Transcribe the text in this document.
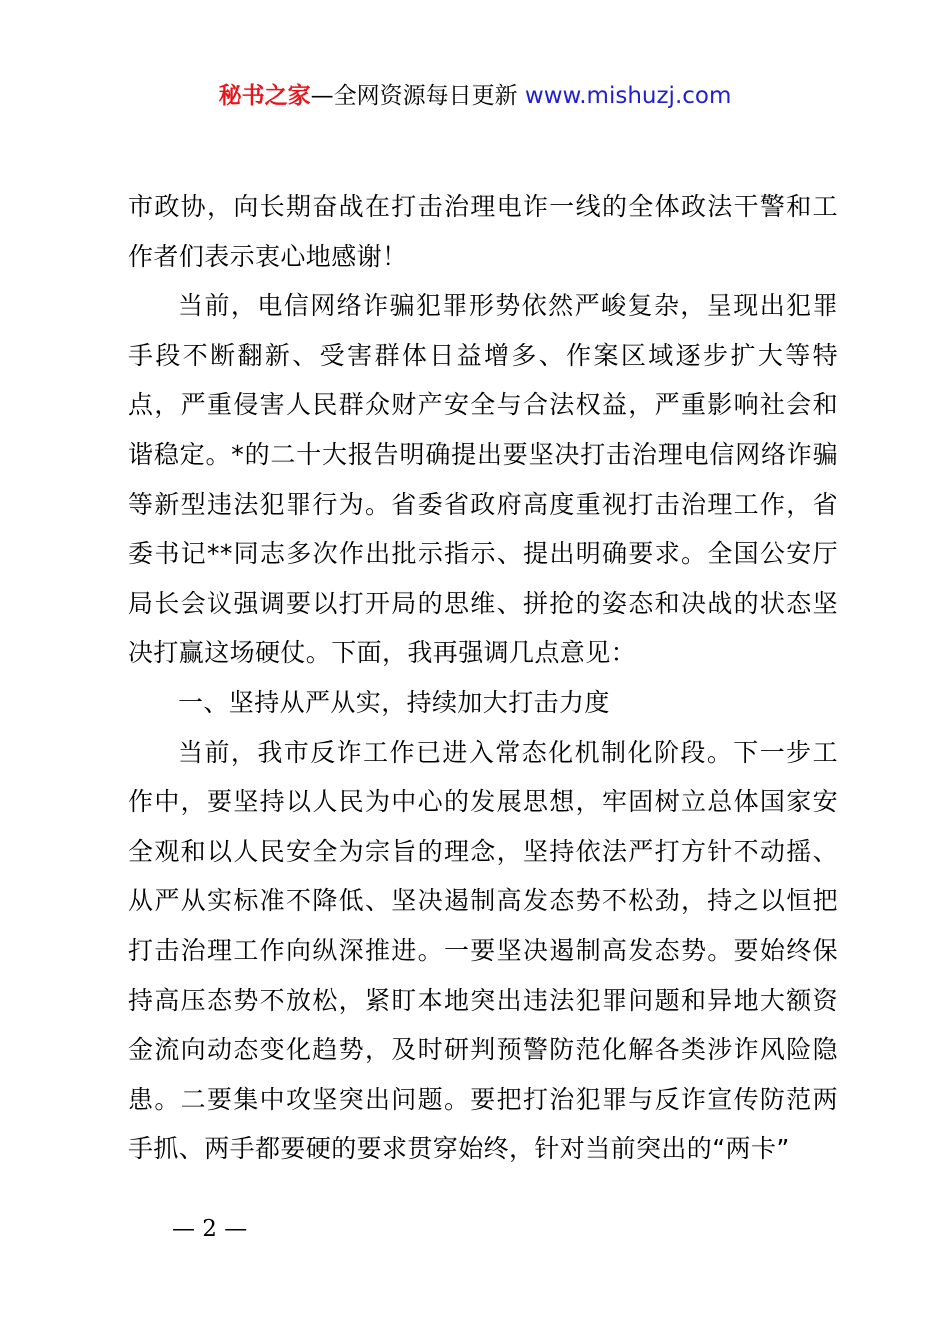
秘书之家—全网资源每日更新 www.mishuzj.com

市政协，向长期奋战在打击治理电诈一线的全体政法干警和工作者们表示衷心地感谢！

当前，电信网络诈骗犯罪形势依然严峻复杂，呈现出犯罪手段不断翻新、受害群体日益增多、作案区域逐步扩大等特点，严重侵害人民群众财产安全与合法权益，严重影响社会和谐稳定。*的二十大报告明确提出要坚决打击治理电信网络诈骗等新型违法犯罪行为。省委省政府高度重视打击治理工作，省委书记**同志多次作出批示指示、提出明确要求。全国公安厅局长会议强调要以打开局的思维、拼抢的姿态和决战的状态坚决打赢这场硬仗。下面，我再强调几点意见：

一、坚持从严从实，持续加大打击力度

当前，我市反诈工作已进入常态化机制化阶段。下一步工作中，要坚持以人民为中心的发展思想，牢固树立总体国家安全观和以人民安全为宗旨的理念，坚持依法严打方针不动摇、从严从实标准不降低、坚决遏制高发态势不松劲，持之以恒把打击治理工作向纵深推进。一要坚决遏制高发态势。要始终保持高压态势不放松，紧盯本地突出违法犯罪问题和异地大额资金流向动态变化趋势，及时研判预警防范化解各类涉诈风险隐患。二要集中攻坚突出问题。要把打治犯罪与反诈宣传防范两手抓、两手都要硬的要求贯穿始终，针对当前突出的“两卡”

— 2 —
